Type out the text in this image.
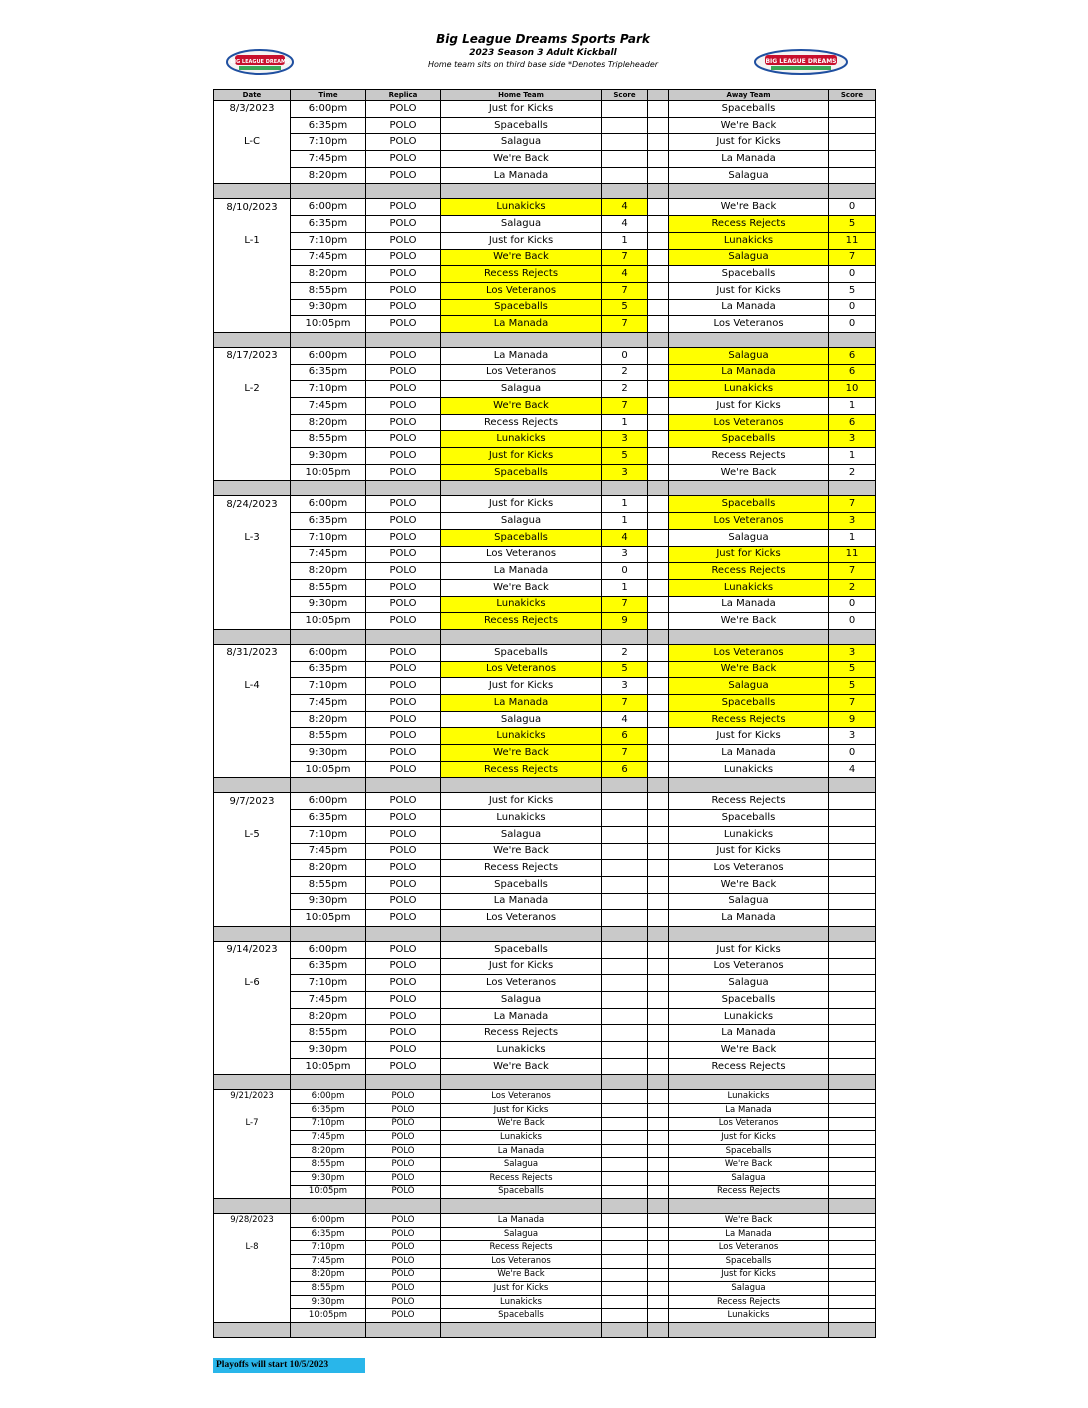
BIG LEAGUE DREAMS
Big League Dreams Sports Park
2023 Season 3 Adult Kickball
Home team sits on third base side *Denotes Tripleheader	BIG LEAGUE DREAMS
Date	Time	Replica	Home Team	Score		Away Team	Score
8/3/2023	6:00pm	POLO	Just for Kicks			Spaceballs	
	6:35pm	POLO	Spaceballs			We're Back	
L-C	7:10pm	POLO	Salagua			Just for Kicks	
	7:45pm	POLO	We're Back			La Manada	
	8:20pm	POLO	La Manada			Salagua	

8/10/2023	6:00pm	POLO	Lunakicks	4		We're Back	0
	6:35pm	POLO	Salagua	4		Recess Rejects	5
L-1	7:10pm	POLO	Just for Kicks	1		Lunakicks	11
	7:45pm	POLO	We're Back	7		Salagua	7
	8:20pm	POLO	Recess Rejects	4		Spaceballs	0
	8:55pm	POLO	Los Veteranos	7		Just for Kicks	5
	9:30pm	POLO	Spaceballs	5		La Manada	0
	10:05pm	POLO	La Manada	7		Los Veteranos	0

8/17/2023	6:00pm	POLO	La Manada	0		Salagua	6
	6:35pm	POLO	Los Veteranos	2		La Manada	6
L-2	7:10pm	POLO	Salagua	2		Lunakicks	10
	7:45pm	POLO	We're Back	7		Just for Kicks	1
	8:20pm	POLO	Recess Rejects	1		Los Veteranos	6
	8:55pm	POLO	Lunakicks	3		Spaceballs	3
	9:30pm	POLO	Just for Kicks	5		Recess Rejects	1
	10:05pm	POLO	Spaceballs	3		We're Back	2

8/24/2023	6:00pm	POLO	Just for Kicks	1		Spaceballs	7
	6:35pm	POLO	Salagua	1		Los Veteranos	3
L-3	7:10pm	POLO	Spaceballs	4		Salagua	1
	7:45pm	POLO	Los Veteranos	3		Just for Kicks	11
	8:20pm	POLO	La Manada	0		Recess Rejects	7
	8:55pm	POLO	We're Back	1		Lunakicks	2
	9:30pm	POLO	Lunakicks	7		La Manada	0
	10:05pm	POLO	Recess Rejects	9		We're Back	0

8/31/2023	6:00pm	POLO	Spaceballs	2		Los Veteranos	3
	6:35pm	POLO	Los Veteranos	5		We're Back	5
L-4	7:10pm	POLO	Just for Kicks	3		Salagua	5
	7:45pm	POLO	La Manada	7		Spaceballs	7
	8:20pm	POLO	Salagua	4		Recess Rejects	9
	8:55pm	POLO	Lunakicks	6		Just for Kicks	3
	9:30pm	POLO	We're Back	7		La Manada	0
	10:05pm	POLO	Recess Rejects	6		Lunakicks	4

9/7/2023	6:00pm	POLO	Just for Kicks			Recess Rejects	
	6:35pm	POLO	Lunakicks			Spaceballs	
L-5	7:10pm	POLO	Salagua			Lunakicks	
	7:45pm	POLO	We're Back			Just for Kicks	
	8:20pm	POLO	Recess Rejects			Los Veteranos	
	8:55pm	POLO	Spaceballs			We're Back	
	9:30pm	POLO	La Manada			Salagua	
	10:05pm	POLO	Los Veteranos			La Manada	

9/14/2023	6:00pm	POLO	Spaceballs			Just for Kicks	
	6:35pm	POLO	Just for Kicks			Los Veteranos	
L-6	7:10pm	POLO	Los Veteranos			Salagua	
	7:45pm	POLO	Salagua			Spaceballs	
	8:20pm	POLO	La Manada			Lunakicks	
	8:55pm	POLO	Recess Rejects			La Manada	
	9:30pm	POLO	Lunakicks			We're Back	
	10:05pm	POLO	We're Back			Recess Rejects	

9/21/2023	6:00pm	POLO	Los Veteranos			Lunakicks	
	6:35pm	POLO	Just for Kicks			La Manada	
L-7	7:10pm	POLO	We're Back			Los Veteranos	
	7:45pm	POLO	Lunakicks			Just for Kicks	
	8:20pm	POLO	La Manada			Spaceballs	
	8:55pm	POLO	Salagua			We're Back	
	9:30pm	POLO	Recess Rejects			Salagua	
	10:05pm	POLO	Spaceballs			Recess Rejects	

9/28/2023	6:00pm	POLO	La Manada			We're Back	
	6:35pm	POLO	Salagua			La Manada	
L-8	7:10pm	POLO	Recess Rejects			Los Veteranos	
	7:45pm	POLO	Los Veteranos			Spaceballs	
	8:20pm	POLO	We're Back			Just for Kicks	
	8:55pm	POLO	Just for Kicks			Salagua	
	9:30pm	POLO	Lunakicks			Recess Rejects	
	10:05pm	POLO	Spaceballs			Lunakicks	

Playoffs will start 10/5/2023
